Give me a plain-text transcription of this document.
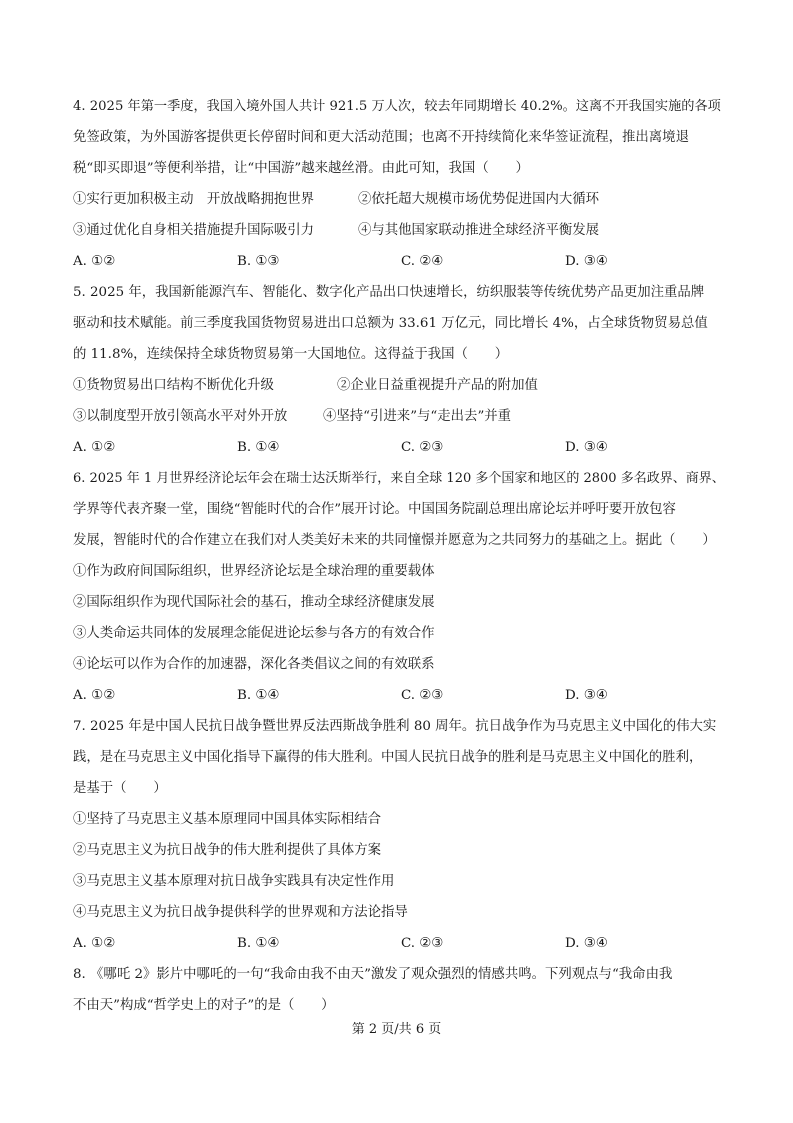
4. 2025 年第一季度，我国入境外国人共计 921.5 万人次，较去年同期增长 40.2%。这离不开我国实施的各项
免签政策，为外国游客提供更长停留时间和更大活动范围；也离不开持续简化来华签证流程，推出离境退
税“即买即退”等便利举措，让“中国游”越来越丝滑。由此可知，我国（　　）
①实行更加积极主动　开放战略拥抱世界	②依托超大规模市场优势促进国内大循环
③通过优化自身相关措施提升国际吸引力	④与其他国家联动推进全球经济平衡发展
A. ①②	B. ①③	C. ②④	D. ③④
5. 2025 年，我国新能源汽车、智能化、数字化产品出口快速增长，纺织服装等传统优势产品更加注重品牌
驱动和技术赋能。前三季度我国货物贸易进出口总额为 33.61 万亿元，同比增长 4%，占全球货物贸易总值
的 11.8%，连续保持全球货物贸易第一大国地位。这得益于我国（　　）
①货物贸易出口结构不断优化升级	②企业日益重视提升产品的附加值
③以制度型开放引领高水平对外开放	④坚持“引进来”与“走出去”并重
A. ①②	B. ①④	C. ②③	D. ③④
6. 2025 年 1 月世界经济论坛年会在瑞士达沃斯举行，来自全球 120 多个国家和地区的 2800 多名政界、商界、
学界等代表齐聚一堂，围绕“智能时代的合作”展开讨论。中国国务院副总理出席论坛并呼吁要开放包容
发展，智能时代的合作建立在我们对人类美好未来的共同憧憬并愿意为之共同努力的基础之上。据此（　　）
①作为政府间国际组织，世界经济论坛是全球治理的重要载体
②国际组织作为现代国际社会的基石，推动全球经济健康发展
③人类命运共同体的发展理念能促进论坛参与各方的有效合作
④论坛可以作为合作的加速器，深化各类倡议之间的有效联系
A. ①②	B. ①④	C. ②③	D. ③④
7. 2025 年是中国人民抗日战争暨世界反法西斯战争胜利 80 周年。抗日战争作为马克思主义中国化的伟大实
践，是在马克思主义中国化指导下赢得的伟大胜利。中国人民抗日战争的胜利是马克思主义中国化的胜利，
是基于（　　）
①坚持了马克思主义基本原理同中国具体实际相结合
②马克思主义为抗日战争的伟大胜利提供了具体方案
③马克思主义基本原理对抗日战争实践具有决定性作用
④马克思主义为抗日战争提供科学的世界观和方法论指导
A. ①②	B. ①④	C. ②③	D. ③④
8. 《哪吒 2》影片中哪吒的一句“我命由我不由天”激发了观众强烈的情感共鸣。下列观点与“我命由我
不由天”构成“哲学史上的对子”的是（　　）
第 2 页/共 6 页
